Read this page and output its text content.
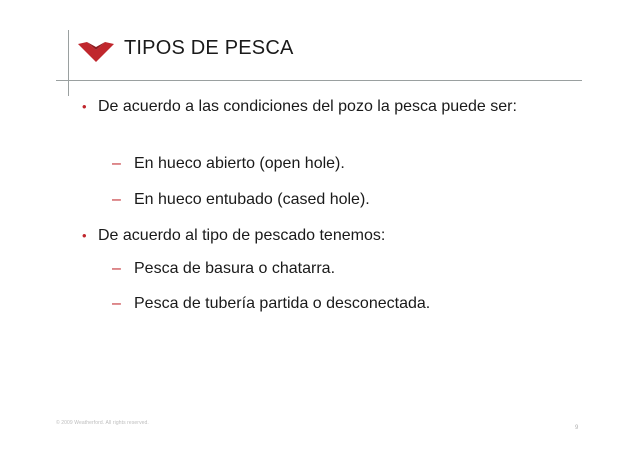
TIPOS DE PESCA
• De acuerdo a las condiciones del pozo la pesca puede ser:
– En hueco abierto (open hole).
– En hueco entubado (cased hole).
• De acuerdo al tipo de pescado tenemos:
– Pesca de basura o chatarra.
– Pesca de tubería partida o desconectada.
© 2009 Weatherford. All rights reserved.
9
